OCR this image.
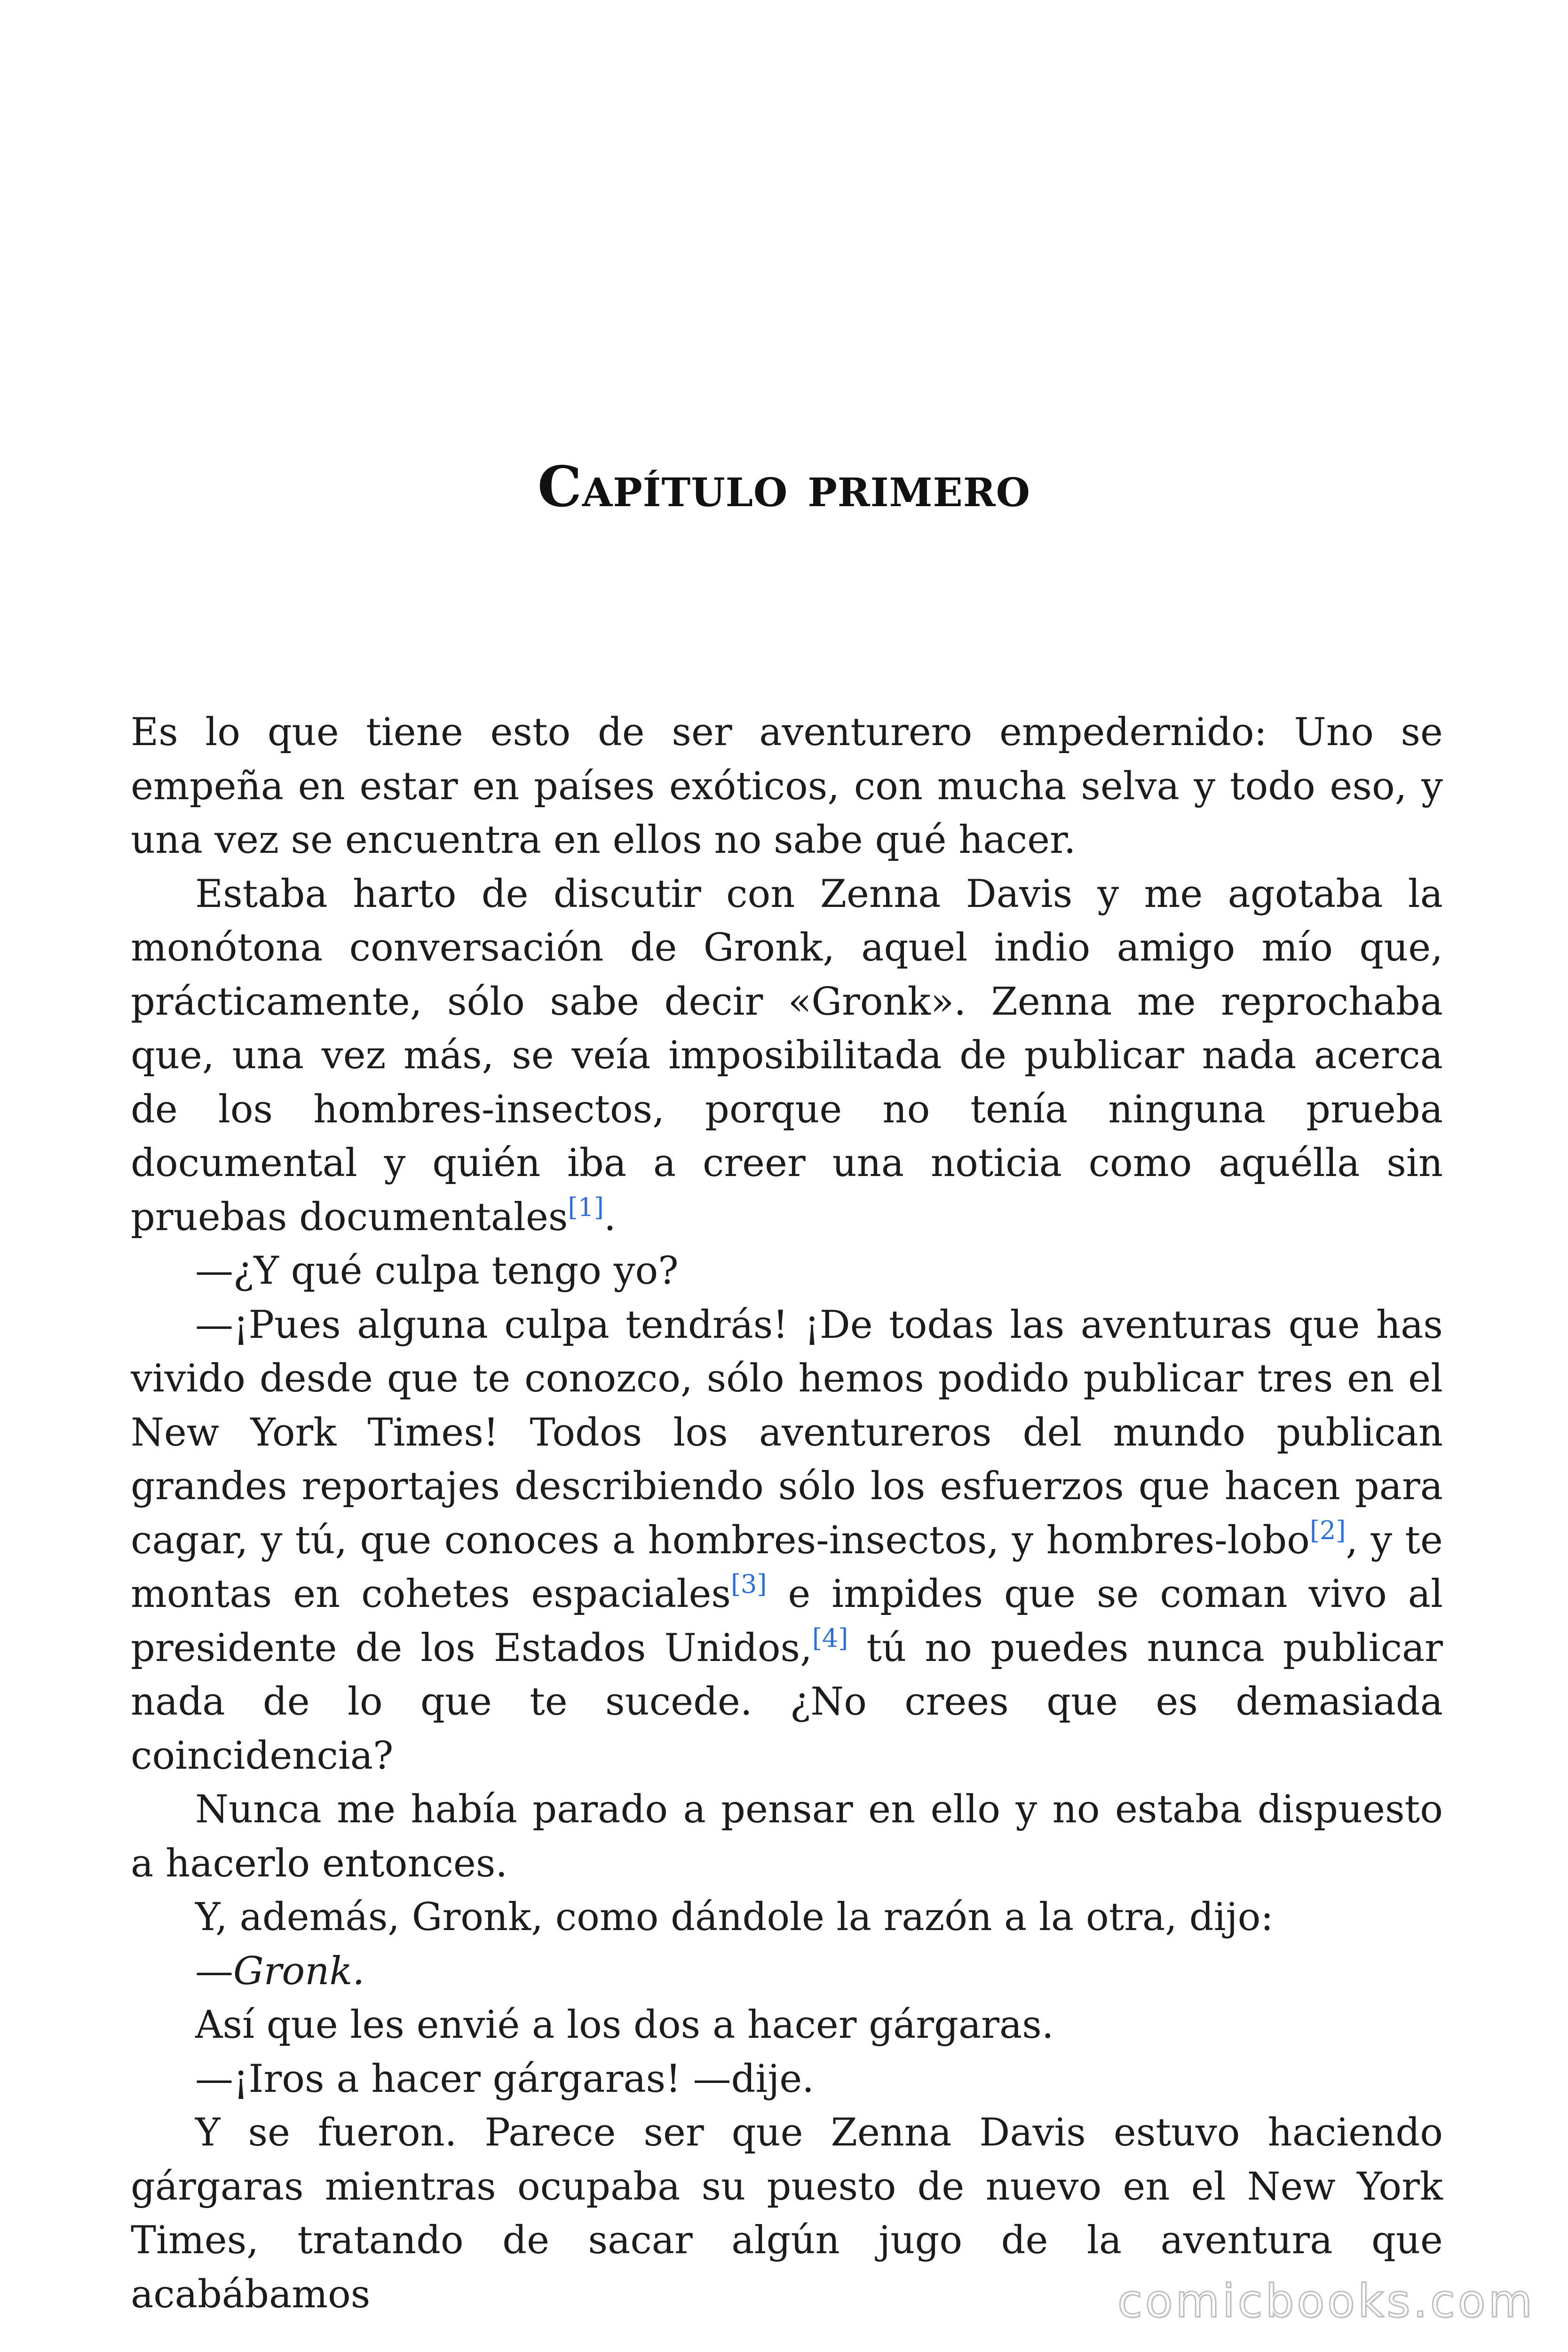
Capítulo primero

Es lo que tiene esto de ser aventurero empedernido: Uno se empeña en estar en países exóticos, con mucha selva y todo eso, y una vez se encuentra en ellos no sabe qué hacer.

Estaba harto de discutir con Zenna Davis y me agotaba la monótona conversación de Gronk, aquel indio amigo mío que, prácticamente, sólo sabe decir «Gronk». Zenna me reprochaba que, una vez más, se veía imposibilitada de publicar nada acerca de los hombres-insectos, porque no tenía ninguna prueba documental y quién iba a creer una noticia como aquélla sin pruebas documentales[1].

—¿Y qué culpa tengo yo?

—¡Pues alguna culpa tendrás! ¡De todas las aventuras que has vivido desde que te conozco, sólo hemos podido publicar tres en el New York Times! Todos los aventureros del mundo publican grandes reportajes describiendo sólo los esfuerzos que hacen para cagar, y tú, que conoces a hombres-insectos, y hombres-lobo[2], y te montas en cohetes espaciales[3] e impides que se coman vivo al presidente de los Estados Unidos,[4] tú no puedes nunca publicar nada de lo que te sucede. ¿No crees que es demasiada coincidencia?

Nunca me había parado a pensar en ello y no estaba dispuesto a hacerlo entonces.

Y, además, Gronk, como dándole la razón a la otra, dijo:

—Gronk.

Así que les envié a los dos a hacer gárgaras.

—¡Iros a hacer gárgaras! —dije.

Y se fueron. Parece ser que Zenna Davis estuvo haciendo gárgaras mientras ocupaba su puesto de nuevo en el New York Times, tratando de sacar algún jugo de la aventura que acabábamos	comicbooks.com
